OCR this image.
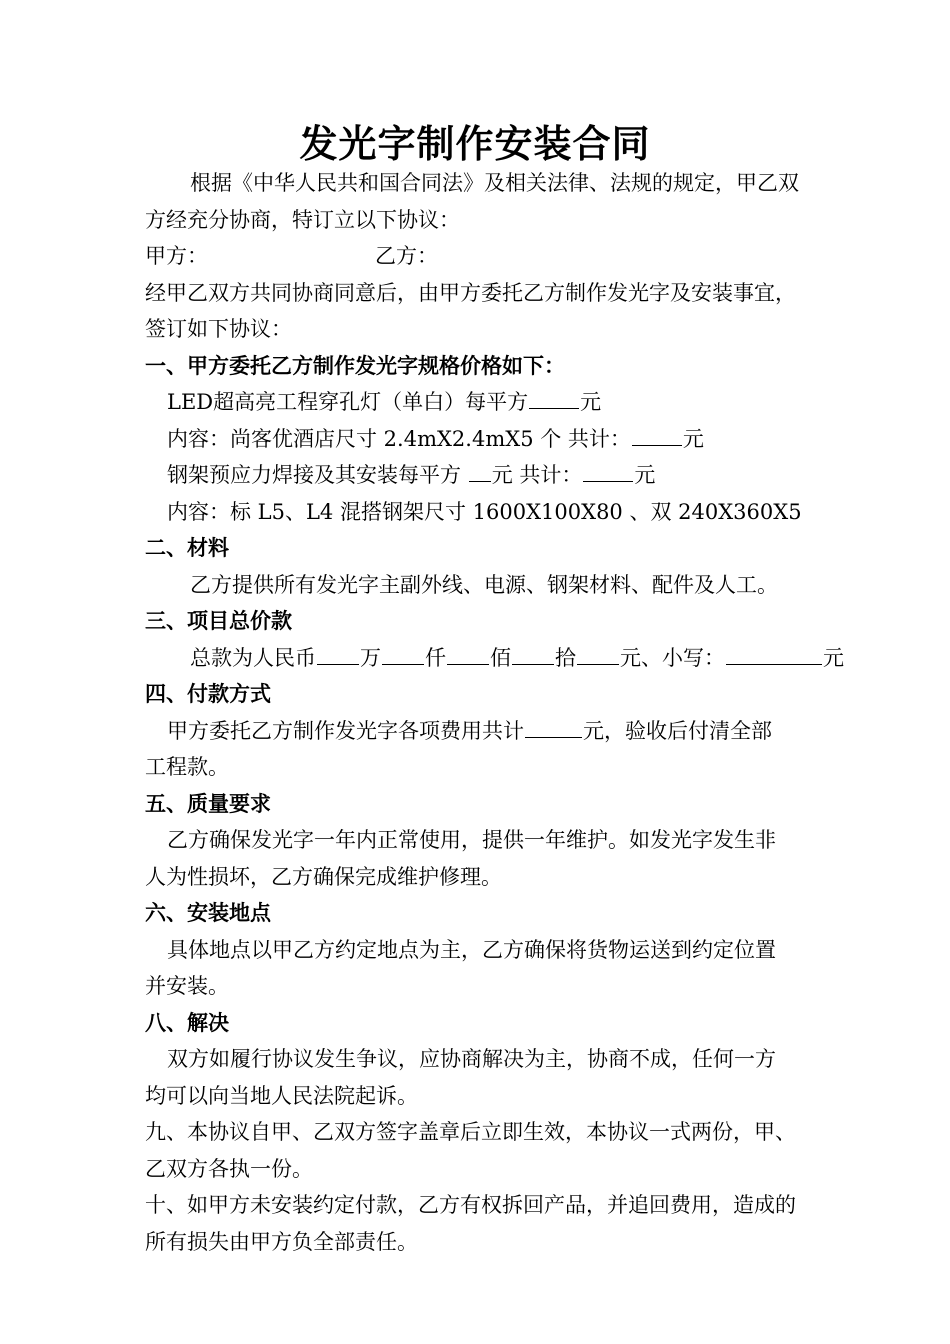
发光字制作安装合同
根据《中华人民共和国合同法》及相关法律、法规的规定，甲乙双
方经充分协商，特订立以下协议：
甲方：	乙方：
经甲乙双方共同协商同意后，由甲方委托乙方制作发光字及安装事宜，
签订如下协议：
一、甲方委托乙方制作发光字规格价格如下：
LED超高亮工程穿孔灯（单白）每平方 元
内容：尚客优酒店尺寸 2.4mX2.4mX5 个 共计： 元
钢架预应力焊接及其安装每平方 元 共计： 元
内容：标 L5、L4 混搭钢架尺寸 1600X100X80 、双 240X360X5
二、材料
乙方提供所有发光字主副外线、电源、钢架材料、配件及人工。
三、项目总价款
总款为人民币 万 仟 佰 拾 元、小写：	元
四、付款方式
甲方委托乙方制作发光字各项费用共计	元，验收后付清全部
工程款。
五、质量要求
乙方确保发光字一年内正常使用，提供一年维护。如发光字发生非
人为性损坏，乙方确保完成维护修理。
六、安装地点
具体地点以甲乙方约定地点为主，乙方确保将货物运送到约定位置
并安装。
八、解决
双方如履行协议发生争议，应协商解决为主，协商不成，任何一方
均可以向当地人民法院起诉。
九、本协议自甲、乙双方签字盖章后立即生效，本协议一式两份，甲、
乙双方各执一份。
十、如甲方未安装约定付款，乙方有权拆回产品，并追回费用，造成的
所有损失由甲方负全部责任。
